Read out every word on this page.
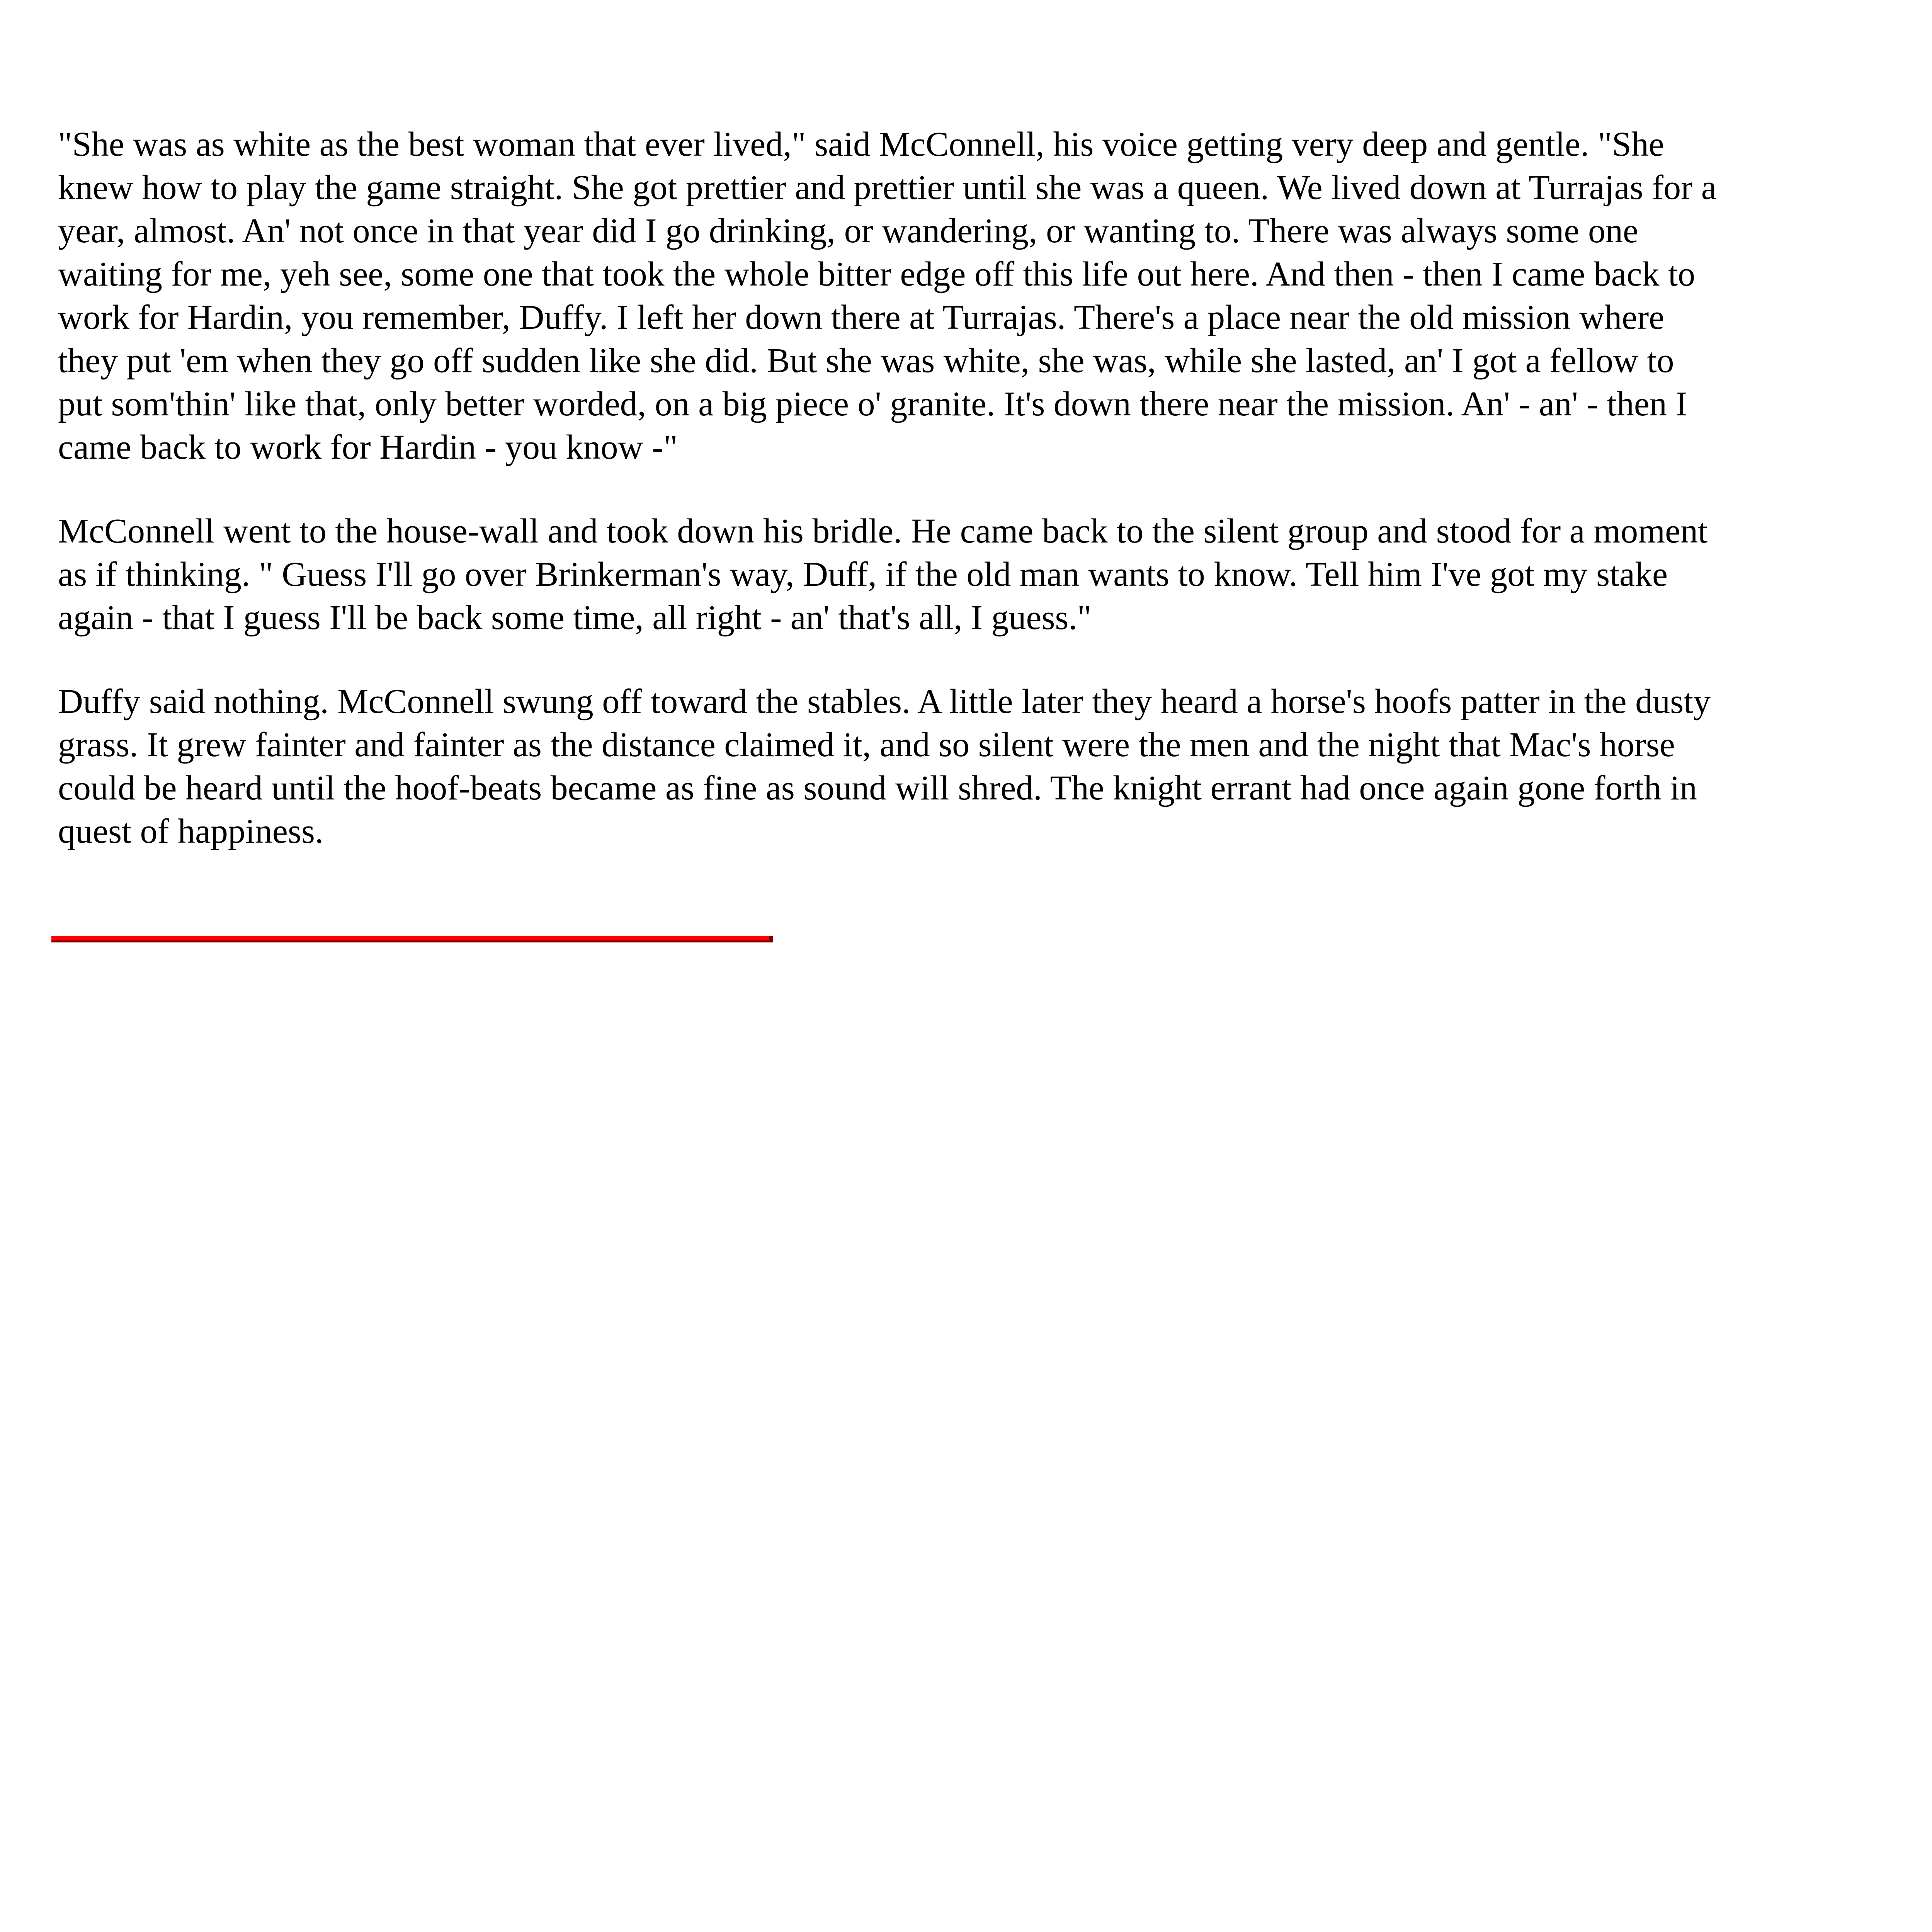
"She was as white as the best woman that ever lived," said McConnell, his voice getting very deep and gentle. "She knew how to play the game straight. She got prettier and prettier until she was a queen. We lived down at Turrajas for a year, almost. An' not once in that year did I go drinking, or wandering, or wanting to. There was always some one waiting for me, yeh see, some one that took the whole bitter edge off this life out here. And then - then I came back to work for Hardin, you remember, Duffy. I left her down there at Turrajas. There's a place near the old mission where they put 'em when they go off sudden like she did. But she was white, she was, while she lasted, an' I got a fellow to put som'thin' like that, only better worded, on a big piece o' granite. It's down there near the mission. An' - an' - then I came back to work for Hardin - you know -"

McConnell went to the house-wall and took down his bridle. He came back to the silent group and stood for a moment as if thinking. " Guess I'll go over Brinkerman's way, Duff, if the old man wants to know. Tell him I've got my stake again - that I guess I'll be back some time, all right - an' that's all, I guess."

Duffy said nothing. McConnell swung off toward the stables. A little later they heard a horse's hoofs patter in the dusty grass. It grew fainter and fainter as the distance claimed it, and so silent were the men and the night that Mac's horse could be heard until the hoof-beats became as fine as sound will shred. The knight errant had once again gone forth in quest of happiness.
